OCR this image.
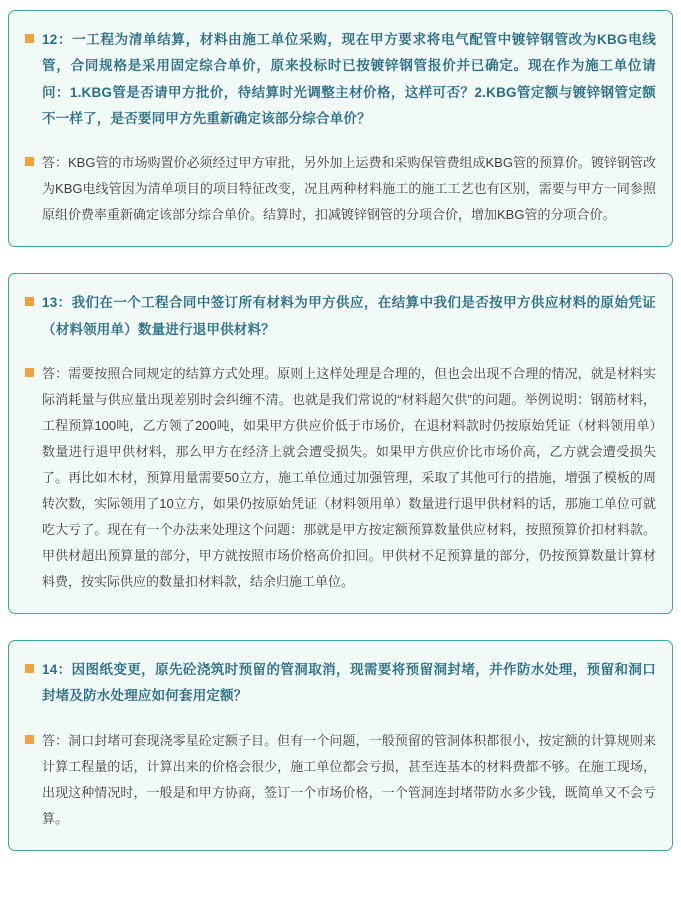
12：一工程为清单结算，材料由施工单位采购，现在甲方要求将电气配管中镀锌钢管改为KBG电线管，合同规格是采用固定综合单价，原来投标时已按镀锌钢管报价并已确定。现在作为施工单位请问：1.KBG管是否请甲方批价，待结算时光调整主材价格，这样可否？2.KBG管定额与镀锌钢管定额不一样了，是否要同甲方先重新确定该部分综合单价？
答：KBG管的市场购置价必须经过甲方审批，另外加上运费和采购保管费组成KBG管的预算价。镀锌钢管改为KBG电线管因为清单项目的项目特征改变，况且两种材料施工的施工工艺也有区别，需要与甲方一同参照原组价费率重新确定该部分综合单价。结算时，扣减镀锌钢管的分项合价，增加KBG管的分项合价。
13：我们在一个工程合同中签订所有材料为甲方供应，在结算中我们是否按甲方供应材料的原始凭证（材料领用单）数量进行退甲供材料？
答：需要按照合同规定的结算方式处理。原则上这样处理是合理的，但也会出现不合理的情况，就是材料实际消耗量与供应量出现差别时会纠缠不清。也就是我们常说的“材料超欠供”的问题。举例说明：钢筋材料，工程预算100吨，乙方领了200吨，如果甲方供应价低于市场价，在退材料款时仍按原始凭证（材料领用单）数量进行退甲供材料，那么甲方在经济上就会遭受损失。如果甲方供应价比市场价高，乙方就会遭受损失了。再比如木材，预算用量需要50立方，施工单位通过加强管理，采取了其他可行的措施，增强了模板的周转次数，实际领用了10立方，如果仍按原始凭证（材料领用单）数量进行退甲供材料的话，那施工单位可就吃大亏了。现在有一个办法来处理这个问题：那就是甲方按定额预算数量供应材料，按照预算价扣材料款。甲供材超出预算量的部分，甲方就按照市场价格高价扣回。甲供材不足预算量的部分，仍按预算数量计算材料费，按实际供应的数量扣材料款，结余归施工单位。
14：因图纸变更，原先砼浇筑时预留的管洞取消，现需要将预留洞封堵，并作防水处理，预留和洞口封堵及防水处理应如何套用定额？
答：洞口封堵可套现浇零星砼定额子目。但有一个问题，一般预留的管洞体积都很小，按定额的计算规则来计算工程量的话，计算出来的价格会很少，施工单位都会亏损，甚至连基本的材料费都不够。在施工现场，出现这种情况时，一般是和甲方协商，签订一个市场价格，一个管洞连封堵带防水多少钱，既简单又不会亏算。
